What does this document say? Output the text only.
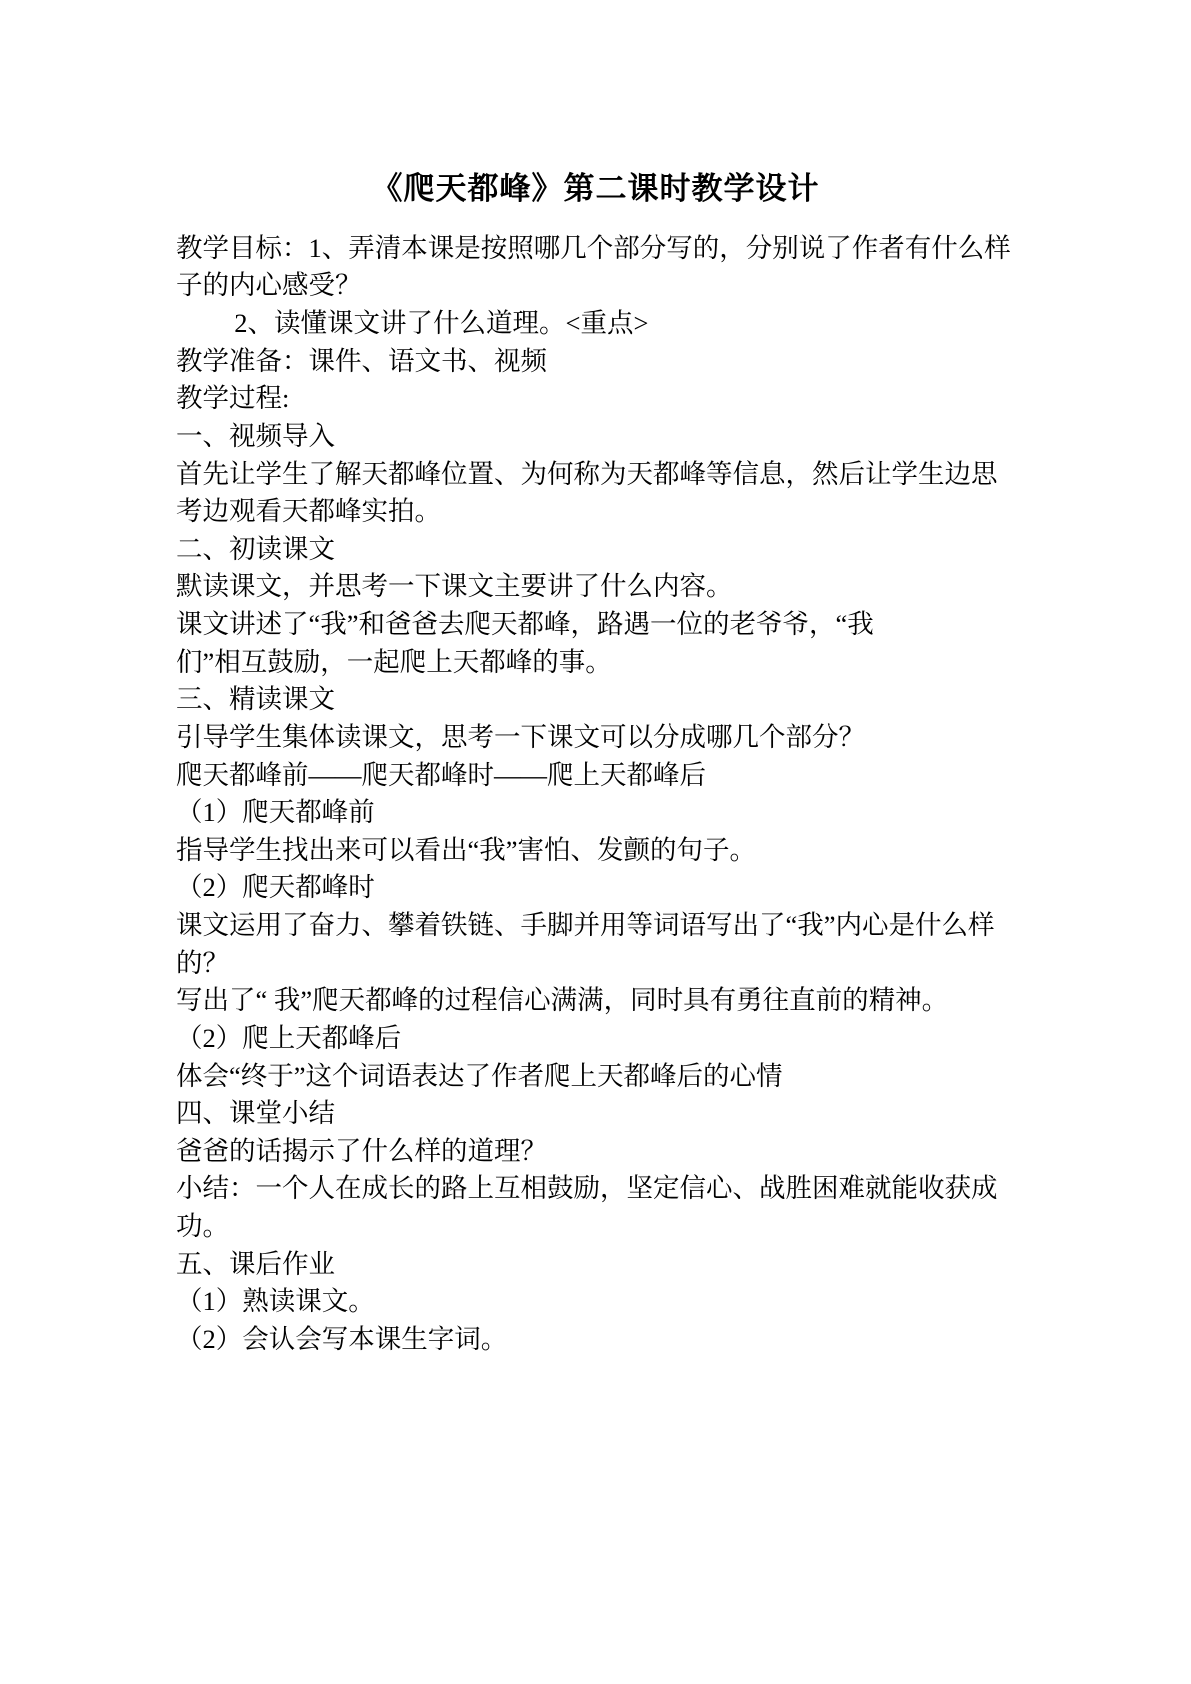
《爬天都峰》第二课时教学设计

教学目标：1、弄清本课是按照哪几个部分写的，分别说了作者有什么样子的内心感受？

2、读懂课文讲了什么道理。<重点>

教学准备：课件、语文书、视频

教学过程:

一、视频导入

首先让学生了解天都峰位置、为何称为天都峰等信息，然后让学生边思考边观看天都峰实拍。

二、初读课文

默读课文，并思考一下课文主要讲了什么内容。

课文讲述了“我”和爸爸去爬天都峰，路遇一位的老爷爷，“我

们”相互鼓励，一起爬上天都峰的事。

三、精读课文

引导学生集体读课文，思考一下课文可以分成哪几个部分？

爬天都峰前——爬天都峰时——爬上天都峰后

（1）爬天都峰前

指导学生找出来可以看出“我”害怕、发颤的句子。

（2）爬天都峰时

课文运用了奋力、攀着铁链、手脚并用等词语写出了“我”内心是什么样的？

写出了“ 我”爬天都峰的过程信心满满，同时具有勇往直前的精神。

（2）爬上天都峰后

体会“终于”这个词语表达了作者爬上天都峰后的心情

四、课堂小结

爸爸的话揭示了什么样的道理？

小结：一个人在成长的路上互相鼓励，坚定信心、战胜困难就能收获成功。

五、课后作业

（1）熟读课文。

（2）会认会写本课生字词。
